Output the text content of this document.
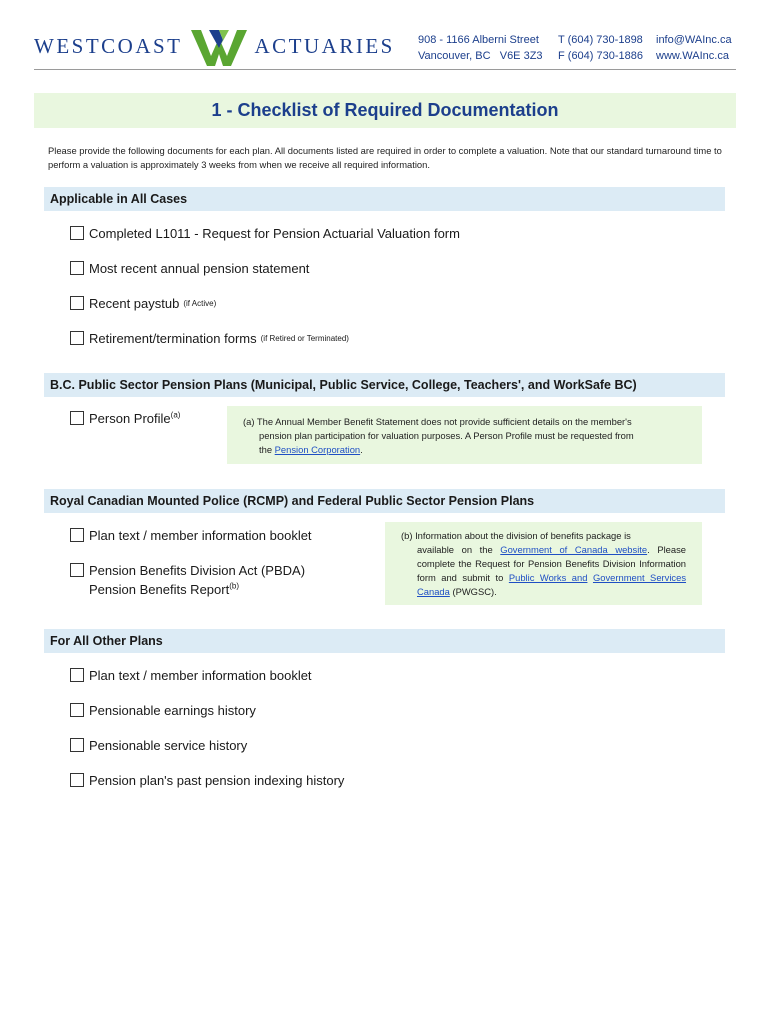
WESTCOAST	ACTUARIES 908 - 1166 Alberni Street
Vancouver, BC   V6E 3Z3
T (604) 730-1898
F (604) 730-1886
info@WAInc.ca
www.WAInc.ca
1 - Checklist of Required Documentation

Please provide the following documents for each plan. All documents listed are required in order to complete a valuation. Note that our standard turnaround time to perform a valuation is approximately 3 weeks from when we receive all required information.

Applicable in All Cases
Completed L1011 - Request for Pension Actuarial Valuation form
Most recent annual pension statement
Recent paystub (if Active)
Retirement/termination forms (if Retired or Terminated)
B.C. Public Sector Pension Plans (Municipal, Public Service, College, Teachers', and WorkSafe BC)
Person Profile$^{(a)}$
(a) The Annual Member Benefit Statement does not provide sufficient details on the member's
pension plan participation for valuation purposes. A Person Profile must be requested from
the Pension Corporation.
Royal Canadian Mounted Police (RCMP) and Federal Public Sector Pension Plans
Plan text / member information booklet
Pension Benefits Division Act (PBDA)
Pension Benefits Report$^{(b)}$
(b) Information about the division of benefits package is
available on the Government of Canada website. Please complete the Request for Pension Benefits Division Information form and submit to Public Works and Government Services Canada (PWGSC).
For All Other Plans
Plan text / member information booklet
Pensionable earnings history
Pensionable service history
Pension plan's past pension indexing history
